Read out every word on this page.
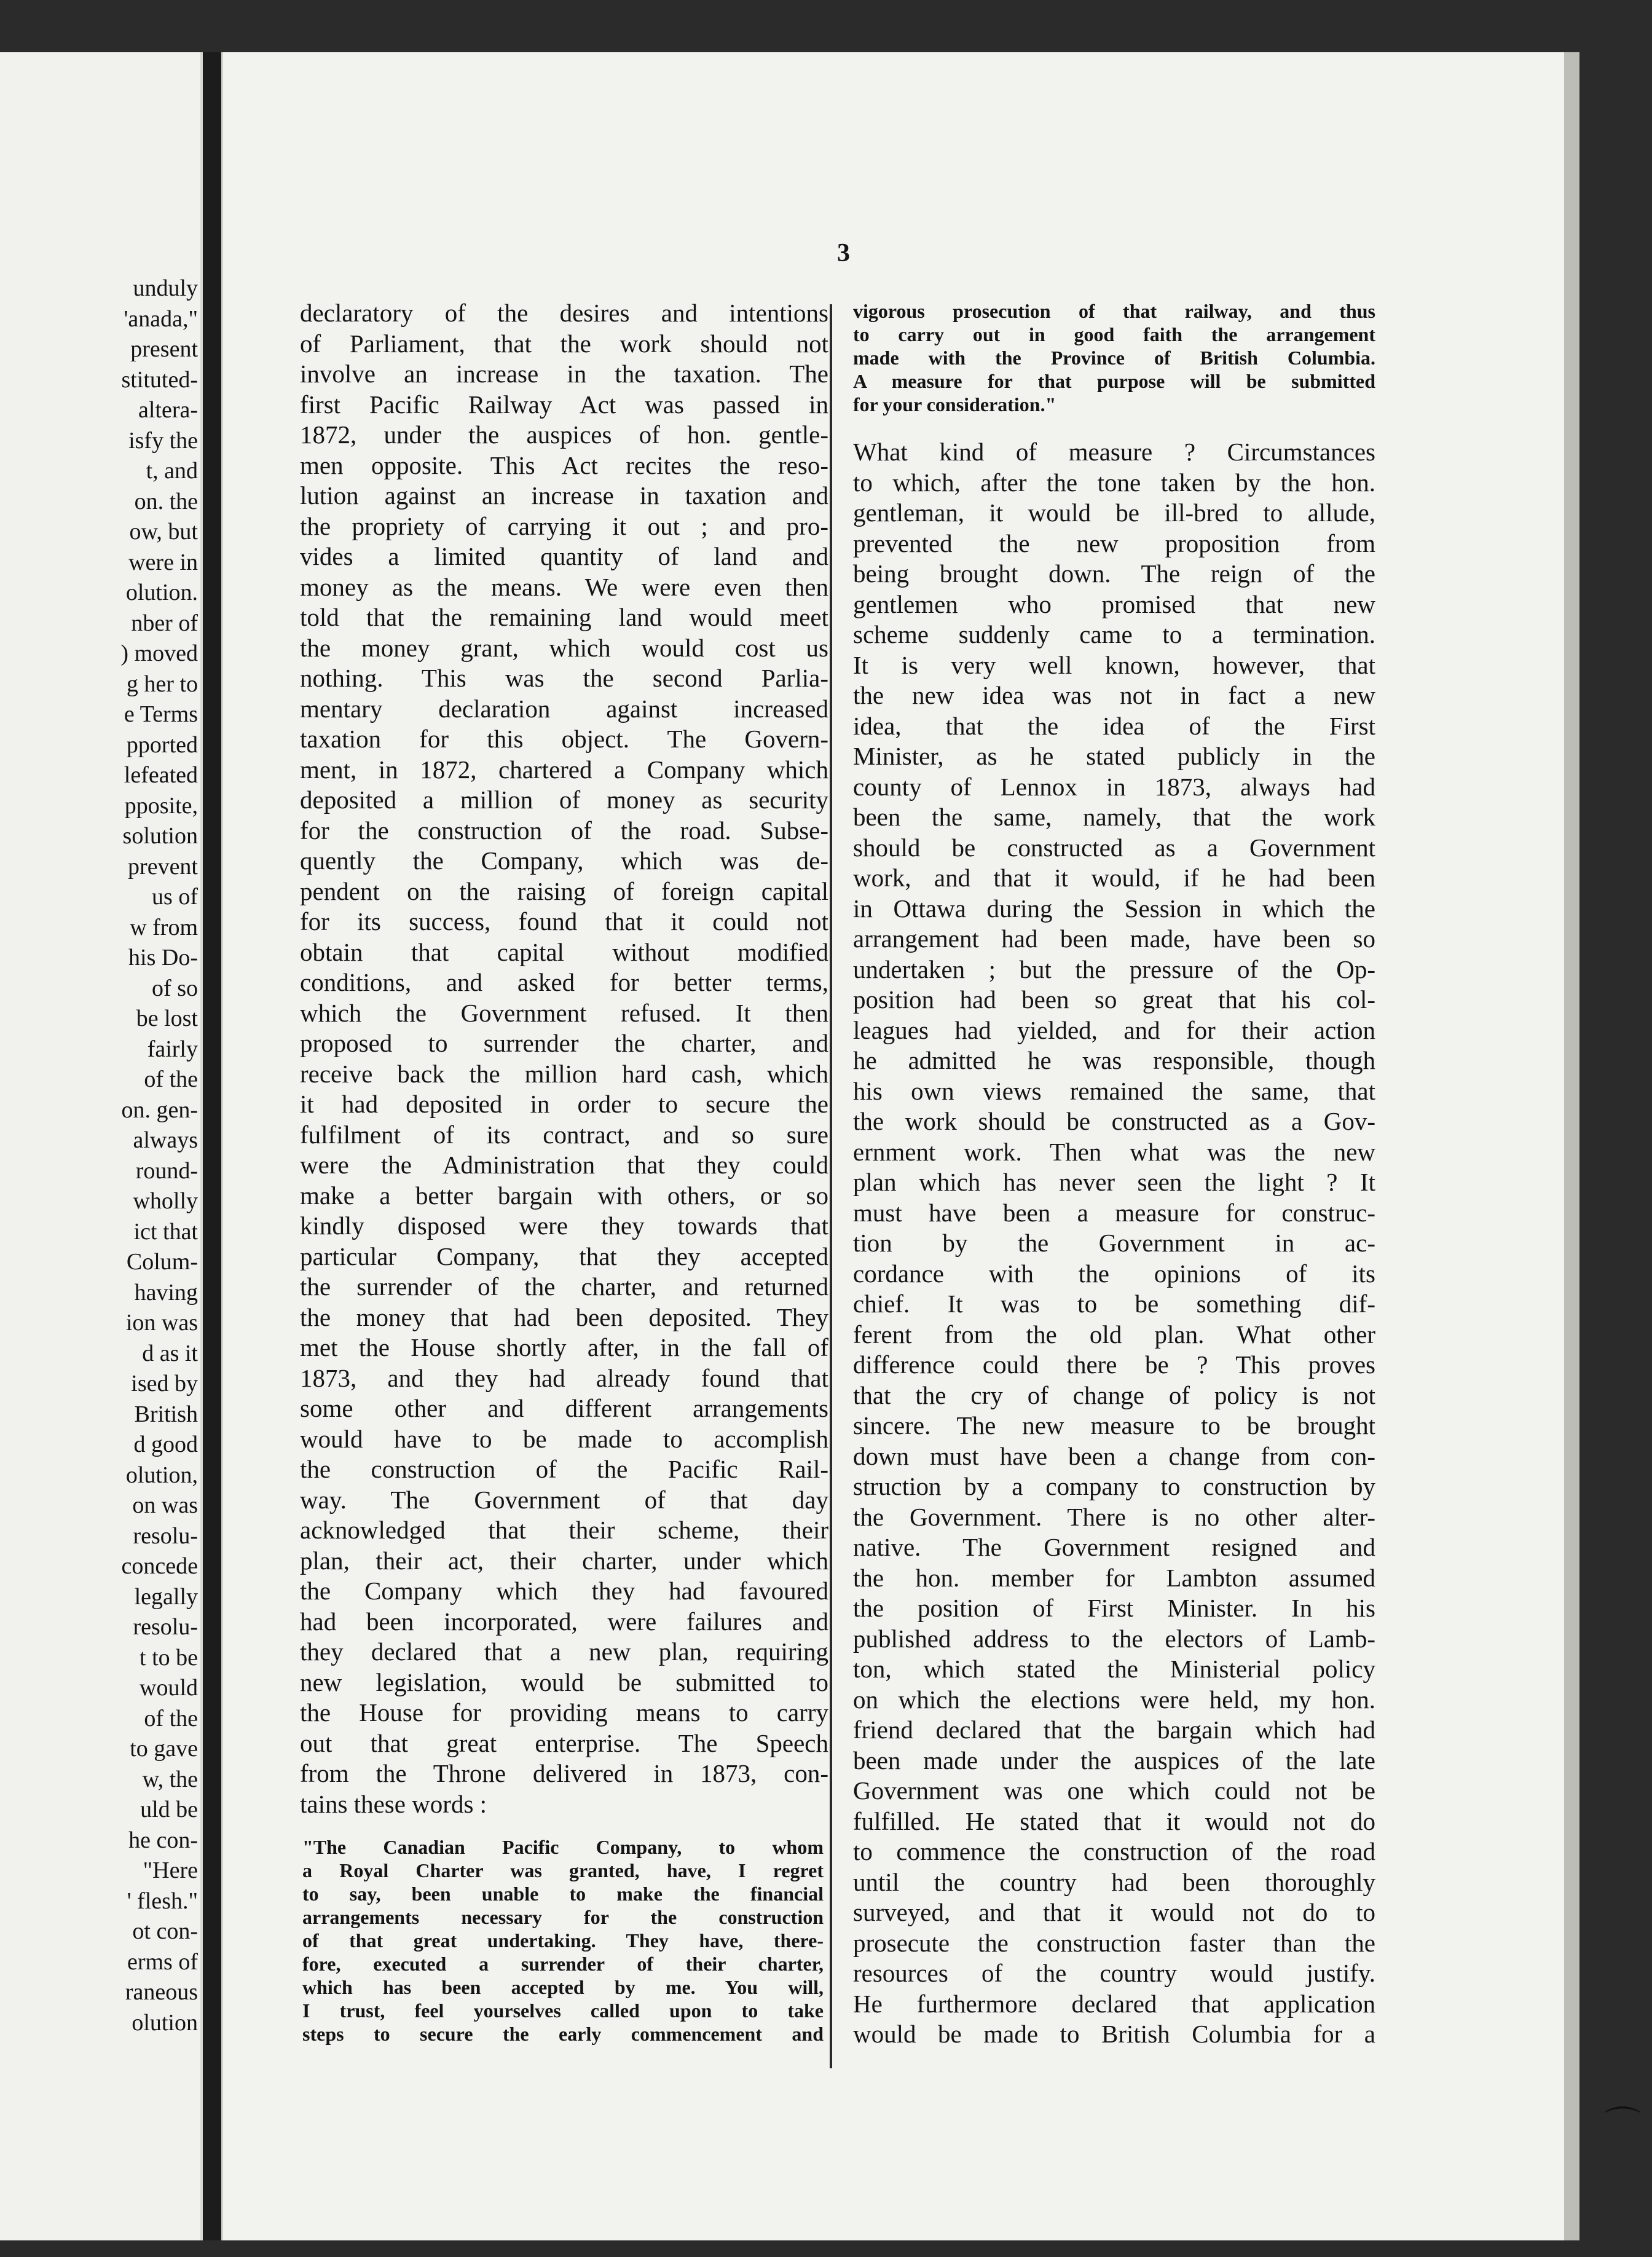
unduly
'anada,"
present
stituted-
altera-
isfy the
t, and
on. the
ow, but
were in
olution.
nber of
) moved
g her to
e Terms
pported
lefeated
pposite,
solution
prevent
us of
w from
his Do-
of so
be lost
fairly
of the
on. gen-
always
round-
wholly
ict that
Colum-
having
ion was
d as it
ised by
British
d good
olution,
on was
resolu-
concede
legally
resolu-
t to be
would
of the
to gave
w, the
uld be
he con-
"Here
' flesh."
ot con-
erms of
raneous
olution
3
declaratory of the desires and intentions
of Parliament, that the work should not
involve an increase in the taxation. The
first Pacific Railway Act was passed in
1872, under the auspices of hon. gentle-
men opposite. This Act recites the reso-
lution against an increase in taxation and
the propriety of carrying it out ; and pro-
vides a limited quantity of land and
money as the means. We were even then
told that the remaining land would meet
the money grant, which would cost us
nothing. This was the second Parlia-
mentary declaration against increased
taxation for this object. The Govern-
ment, in 1872, chartered a Company which
deposited a million of money as security
for the construction of the road. Subse-
quently the Company, which was de-
pendent on the raising of foreign capital
for its success, found that it could not
obtain that capital without modified
conditions, and asked for better terms,
which the Government refused. It then
proposed to surrender the charter, and
receive back the million hard cash, which
it had deposited in order to secure the
fulfilment of its contract, and so sure
were the Administration that they could
make a better bargain with others, or so
kindly disposed were they towards that
particular Company, that they accepted
the surrender of the charter, and returned
the money that had been deposited. They
met the House shortly after, in the fall of
1873, and they had already found that
some other and different arrangements
would have to be made to accomplish
the construction of the Pacific Rail-
way. The Government of that day
acknowledged that their scheme, their
plan, their act, their charter, under which
the Company which they had favoured
had been incorporated, were failures and
they declared that a new plan, requiring
new legislation, would be submitted to
the House for providing means to carry
out that great enterprise. The Speech
from the Throne delivered in 1873, con-
tains these words :
"The Canadian Pacific Company, to whom
a Royal Charter was granted, have, I regret
to say, been unable to make the financial
arrangements necessary for the construction
of that great undertaking. They have, there-
fore, executed a surrender of their charter,
which has been accepted by me. You will,
I trust, feel yourselves called upon to take
steps to secure the early commencement and
vigorous prosecution of that railway, and thus
to carry out in good faith the arrangement
made with the Province of British Columbia.
A measure for that purpose will be submitted
for your consideration."
What kind of measure ? Circumstances
to which, after the tone taken by the hon.
gentleman, it would be ill-bred to allude,
prevented the new proposition from
being brought down. The reign of the
gentlemen who promised that new
scheme suddenly came to a termination.
It is very well known, however, that
the new idea was not in fact a new
idea, that the idea of the First
Minister, as he stated publicly in the
county of Lennox in 1873, always had
been the same, namely, that the work
should be constructed as a Government
work, and that it would, if he had been
in Ottawa during the Session in which the
arrangement had been made, have been so
undertaken ; but the pressure of the Op-
position had been so great that his col-
leagues had yielded, and for their action
he admitted he was responsible, though
his own views remained the same, that
the work should be constructed as a Gov-
ernment work. Then what was the new
plan which has never seen the light ? It
must have been a measure for construc-
tion by the Government in ac-
cordance with the opinions of its
chief. It was to be something dif-
ferent from the old plan. What other
difference could there be ? This proves
that the cry of change of policy is not
sincere. The new measure to be brought
down must have been a change from con-
struction by a company to construction by
the Government. There is no other alter-
native. The Government resigned and
the hon. member for Lambton assumed
the position of First Minister. In his
published address to the electors of Lamb-
ton, which stated the Ministerial policy
on which the elections were held, my hon.
friend declared that the bargain which had
been made under the auspices of the late
Government was one which could not be
fulfilled. He stated that it would not do
to commence the construction of the road
until the country had been thoroughly
surveyed, and that it would not do to
prosecute the construction faster than the
resources of the country would justify.
He furthermore declared that application
would be made to British Columbia for a
⌒
